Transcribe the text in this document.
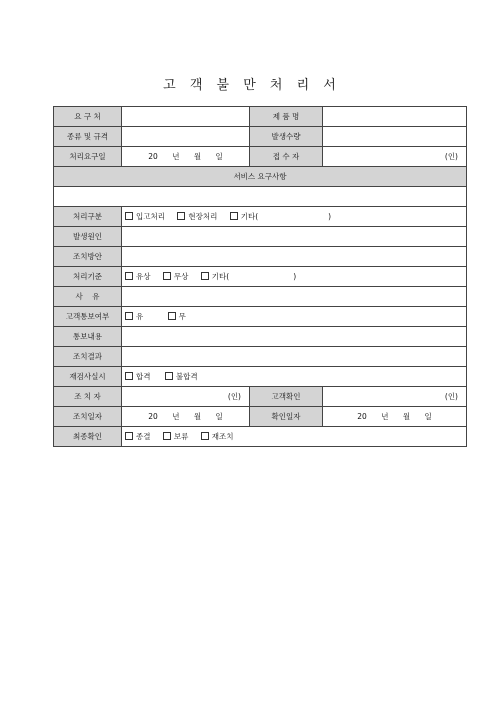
고 객 불 만 처 리 서
요 구 처		제 품 명	
종류 및 규격		발생수량	
처리요구일	20 년 월 일	접 수 자	(인)
서비스 요구사항			

처리구분	입고처리 현장처리 기타( )		
발생원인			
조치방안			
처리기준	유상 무상 기타( )		
사    유			
고객통보여부	유 무		
통보내용			
조치결과			
재검사실시	합격 불합격		
조 치 자	(인)	고객확인	(인)
조치일자	20 년 월 일	확인일자	20 년 월 일
최종확인	종결 보류 재조치		
